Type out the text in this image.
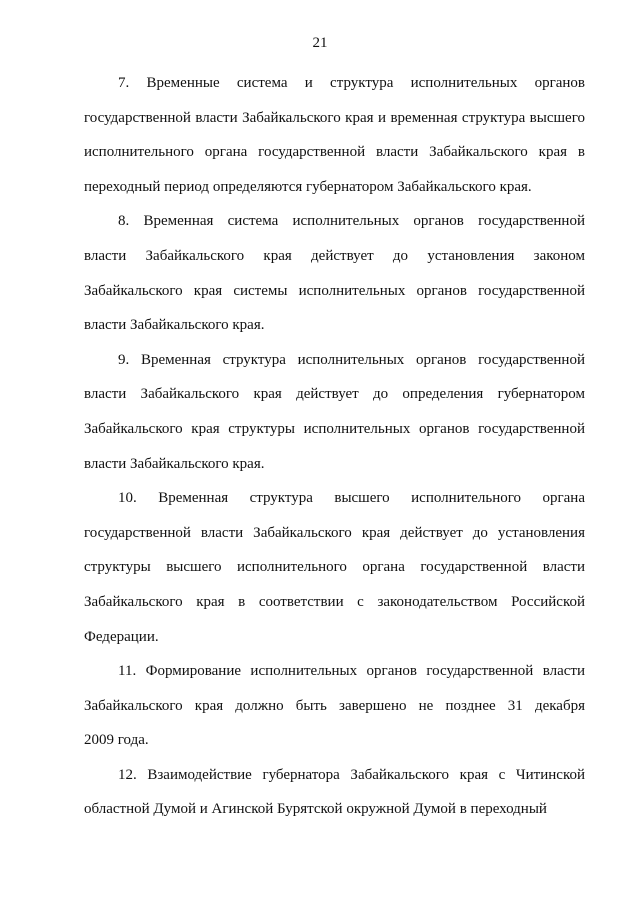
21

7. Временные система и структура исполнительных органов
государственной власти Забайкальского края и временная структура высшего
исполнительного органа государственной власти Забайкальского края в
переходный период определяются губернатором Забайкальского края.

8. Временная система исполнительных органов государственной
власти Забайкальского края действует до установления законом
Забайкальского края системы исполнительных органов государственной
власти Забайкальского края.

9. Временная структура исполнительных органов государственной
власти Забайкальского края действует до определения губернатором
Забайкальского края структуры исполнительных органов государственной
власти Забайкальского края.

10. Временная структура высшего исполнительного органа
государственной власти Забайкальского края действует до установления
структуры высшего исполнительного органа государственной власти
Забайкальского края в соответствии с законодательством Российской
Федерации.

11. Формирование исполнительных органов государственной власти
Забайкальского края должно быть завершено не позднее 31 декабря
2009 года.

12. Взаимодействие губернатора Забайкальского края с Читинской
областной Думой и Агинской Бурятской окружной Думой в переходный
